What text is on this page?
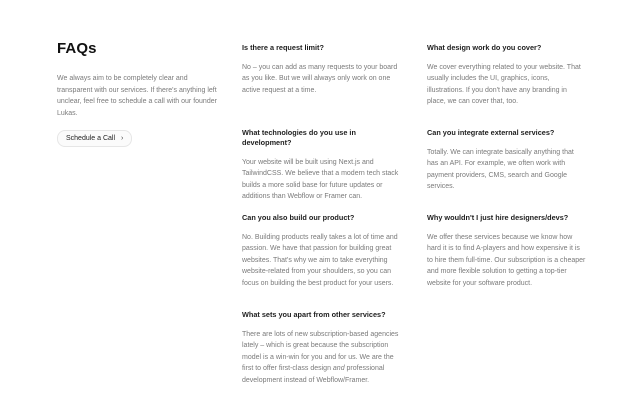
FAQs

We always aim to be completely clear and transparent with our services. If there's anything left unclear, feel free to schedule a call with our founder Lukas.

Schedule a Call ›

Is there a request limit?

No – you can add as many requests to your board as you like. But we will always only work on one active request at a time.

What design work do you cover?

We cover everything related to your website. That usually includes the UI, graphics, icons, illustrations. If you don't have any branding in place, we can cover that, too.

What technologies do you use in development?

Your website will be built using Next.js and TailwindCSS. We believe that a modern tech stack builds a more solid base for future updates or additions than Webflow or Framer can.

Can you integrate external services?

Totally. We can integrate basically anything that has an API. For example, we often work with payment providers, CMS, search and Google services.

Can you also build our product?

No. Building products really takes a lot of time and passion. We have that passion for building great websites. That's why we aim to take everything website-related from your shoulders, so you can focus on building the best product for your users.

Why wouldn't I just hire designers/devs?

We offer these services because we know how hard it is to find A-players and how expensive it is to hire them full-time. Our subscription is a cheaper and more flexible solution to getting a top-tier website for your software product.

What sets you apart from other services?

There are lots of new subscription-based agencies lately – which is great because the subscription model is a win-win for you and for us. We are the first to offer first-class design and professional development instead of Webflow/Framer.
